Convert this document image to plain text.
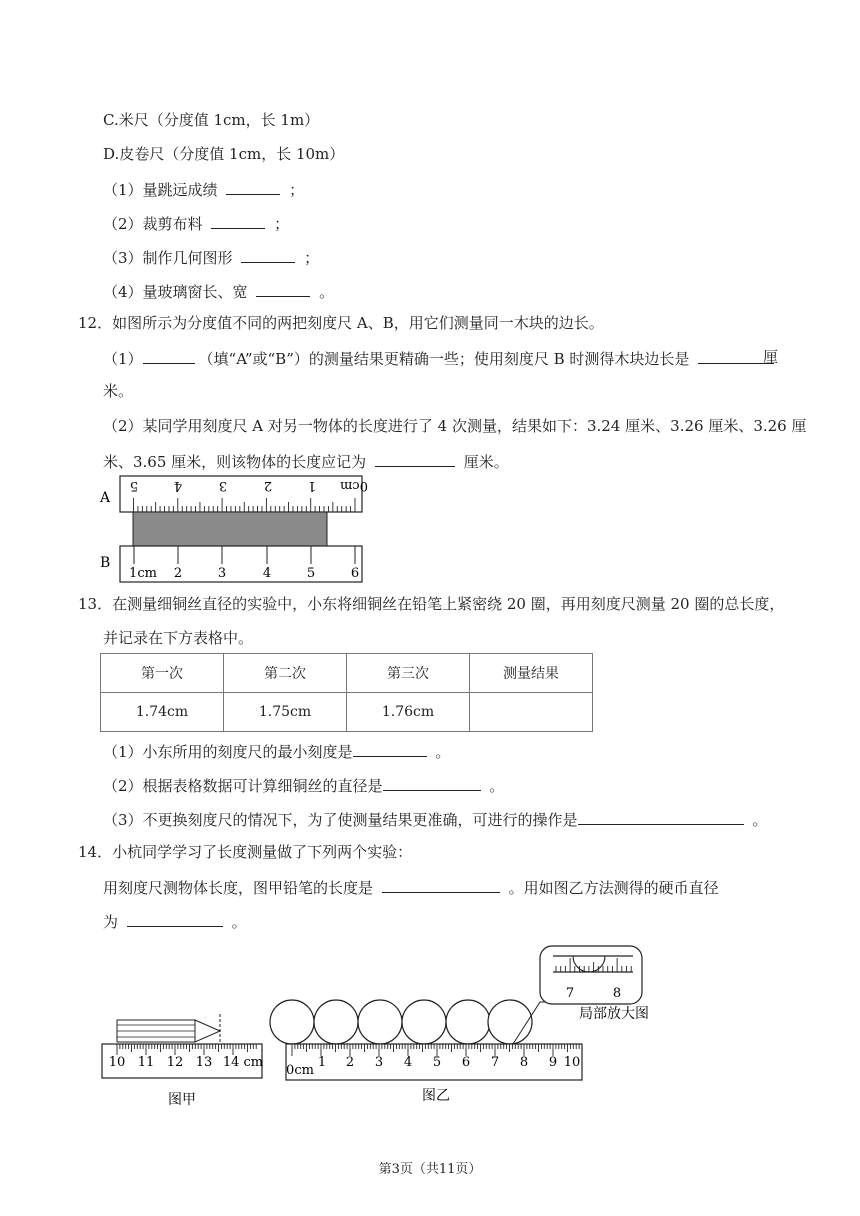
C.米尺（分度值 1cm，长 1m）
D.皮卷尺（分度值 1cm，长 10m）
（1）量跳远成绩	；
（2）裁剪布料	；
（3）制作几何图形	；
（4）量玻璃窗长、宽	。
12．如图所示为分度值不同的两把刻度尺 A、B，用它们测量同一木块的边长。
（1）	（填“A”或“B”）的测量结果更精确一些；使用刻度尺 B 时测得木块边长是	厘
米。
（2）某同学用刻度尺 A 对另一物体的长度进行了 4 次测量，结果如下：3.24 厘米、3.26 厘米、3.26 厘
米、3.65 厘米，则该物体的长度应记为	厘米。
A
B
0cm
1
2
3
4
5
1cm 2	3	4	5	6
13．在测量细铜丝直径的实验中，小东将细铜丝在铅笔上紧密绕 20 圈，再用刻度尺测量 20 圈的总长度，
并记录在下方表格中。
第一次	第二次	第三次	测量结果
1.74cm	1.75cm	1.76cm	
（1）小东所用的刻度尺的最小刻度是	。
（2）根据表格数据可计算细铜丝的直径是	。
（3）不更换刻度尺的情况下，为了使测量结果更准确，可进行的操作是	。
14．小杭同学学习了长度测量做了下列两个实验：
用刻度尺测物体长度，图甲铅笔的长度是	。用如图乙方法测得的硬币直径
为	。
10 11 12 13 14 cm
图甲
7	8
局部放大图
0cm
1 2 3 4 5 6 7 8 9 10
图乙
第3页（共11页）
